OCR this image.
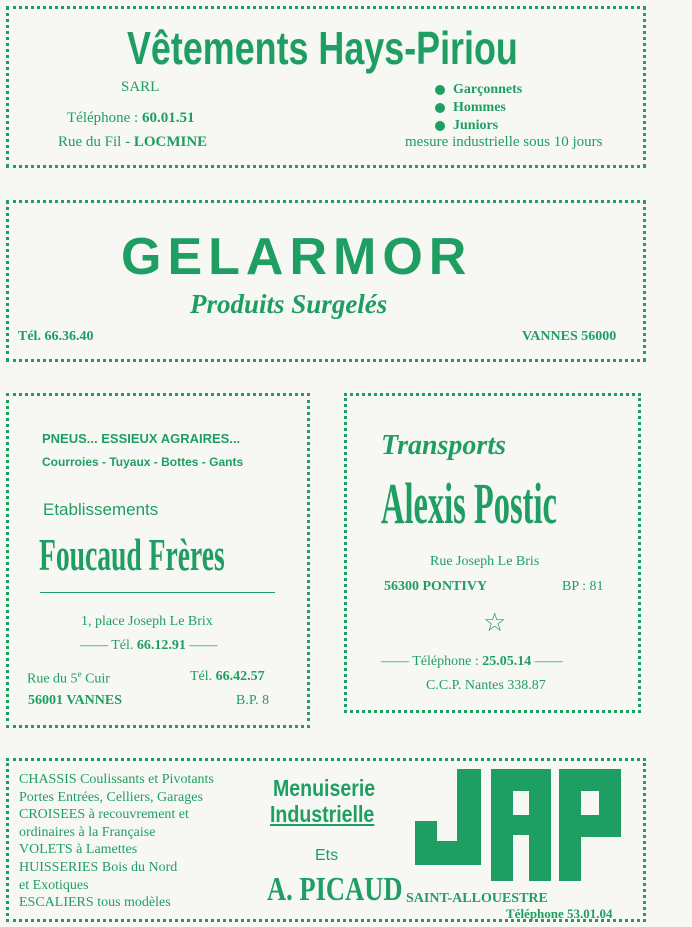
Vêtements Hays-Piriou
SARL
Téléphone : 60.01.51
Rue du Fil - LOCMINE
Garçonnets
Hommes
Juniors
mesure industrielle sous 10 jours
GELARMOR
Produits Surgelés
Tél. 66.36.40	VANNES 56000
PNEUS... ESSIEUX AGRAIRES...
Courroies - Tuyaux - Bottes - Gants
Etablissements
Foucaud Frères
1, place Joseph Le Brix
—— Tél. 66.12.91 ——
Rue du 5e Cuir	Tél. 66.42.57
56001 VANNES	B.P. 8
Transports
Alexis Postic
Rue Joseph Le Bris
56300 PONTIVY	BP : 81
☆
—— Téléphone : 25.05.14 ——
C.C.P. Nantes 338.87
CHASSIS Coulissants et Pivotants
Portes Entrées, Celliers, Garages
CROISEES à recouvrement et
ordinaires à la Française
VOLETS à Lamettes
HUISSERIES Bois du Nord
et Exotiques
ESCALIERS tous modèles
Menuiserie
Industrielle
Ets
A. PICAUD SAINT-ALLOUESTRE
Téléphone 53.01.04
